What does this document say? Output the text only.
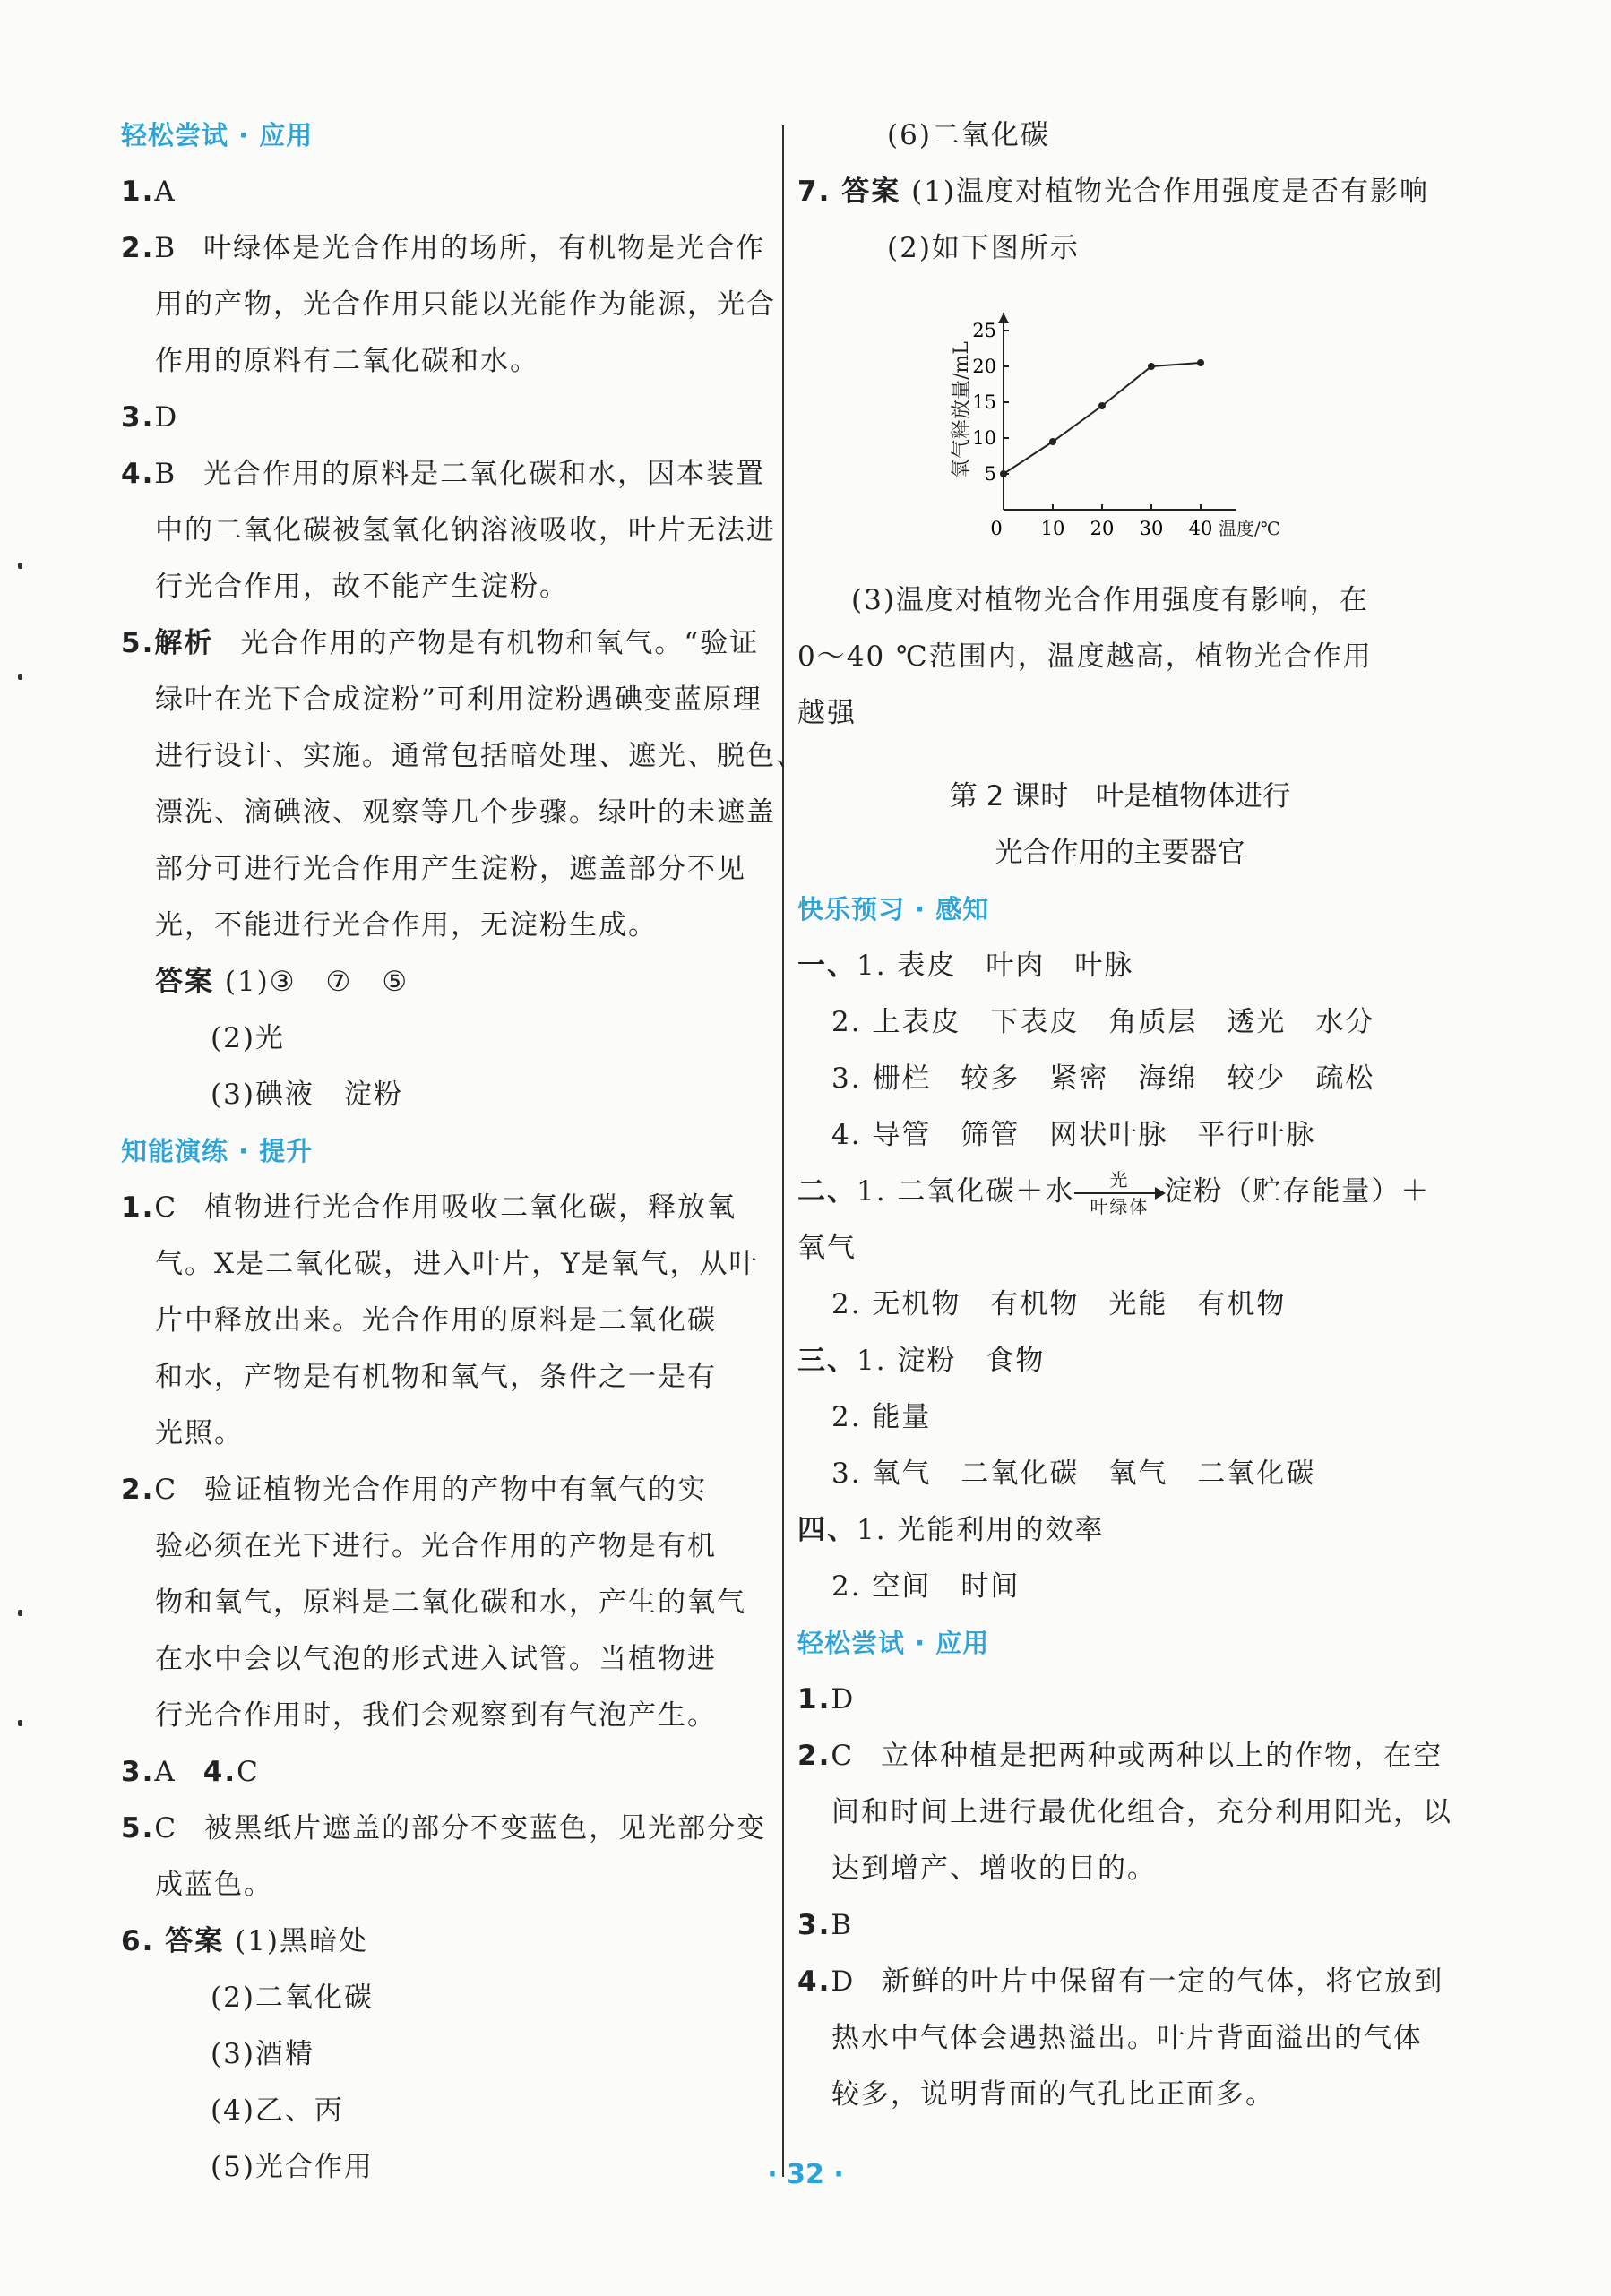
轻松尝试 · 应用
1.A
2.B 叶绿体是光合作用的场所，有机物是光合作
用的产物，光合作用只能以光能作为能源，光合
作用的原料有二氧化碳和水。
3.D
4.B 光合作用的原料是二氧化碳和水，因本装置
中的二氧化碳被氢氧化钠溶液吸收，叶片无法进
行光合作用，故不能产生淀粉。
5.解析 光合作用的产物是有机物和氧气。“验证
绿叶在光下合成淀粉”可利用淀粉遇碘变蓝原理
进行设计、实施。通常包括暗处理、遮光、脱色、
漂洗、滴碘液、观察等几个步骤。绿叶的未遮盖
部分可进行光合作用产生淀粉，遮盖部分不见
光，不能进行光合作用，无淀粉生成。
答案 (1)③　⑦　⑤
(2)光
(3)碘液　淀粉
知能演练 · 提升
1.C 植物进行光合作用吸收二氧化碳，释放氧
气。X是二氧化碳，进入叶片，Y是氧气，从叶
片中释放出来。光合作用的原料是二氧化碳
和水，产物是有机物和氧气，条件之一是有
光照。
2.C 验证植物光合作用的产物中有氧气的实
验必须在光下进行。光合作用的产物是有机
物和氧气，原料是二氧化碳和水，产生的氧气
在水中会以气泡的形式进入试管。当植物进
行光合作用时，我们会观察到有气泡产生。
3.A 4.C
5.C 被黑纸片遮盖的部分不变蓝色，见光部分变
成蓝色。
6. 答案 (1)黑暗处
(2)二氧化碳
(3)酒精
(4)乙、丙
(5)光合作用
(6)二氧化碳
7. 答案 (1)温度对植物光合作用强度是否有影响
(2)如下图所示
氧气释放量/mL
温度/℃
5
10
15
20
25
0 10 20 30 40
(3)温度对植物光合作用强度有影响，在
0～40 ℃范围内，温度越高，植物光合作用
越强
第 2 课时　叶是植物体进行
光合作用的主要器官
快乐预习 · 感知
一、1. 表皮　叶肉　叶脉
2. 上表皮　下表皮　角质层　透光　水分
3. 栅栏　较多　紧密　海绵　较少　疏松
4. 导管　筛管　网状叶脉　平行叶脉
二、1. 二氧化碳＋水	光
叶绿体 淀粉（贮存能量）＋
氧气
2. 无机物　有机物　光能　有机物
三、1. 淀粉　食物
2. 能量
3. 氧气　二氧化碳　氧气　二氧化碳
四、1. 光能利用的效率
2. 空间　时间
轻松尝试 · 应用
1.D
2.C 立体种植是把两种或两种以上的作物，在空
间和时间上进行最优化组合，充分利用阳光，以
达到增产、增收的目的。
3.B
4.D 新鲜的叶片中保留有一定的气体，将它放到
热水中气体会遇热溢出。叶片背面溢出的气体
较多，说明背面的气孔比正面多。
· 32 ·
